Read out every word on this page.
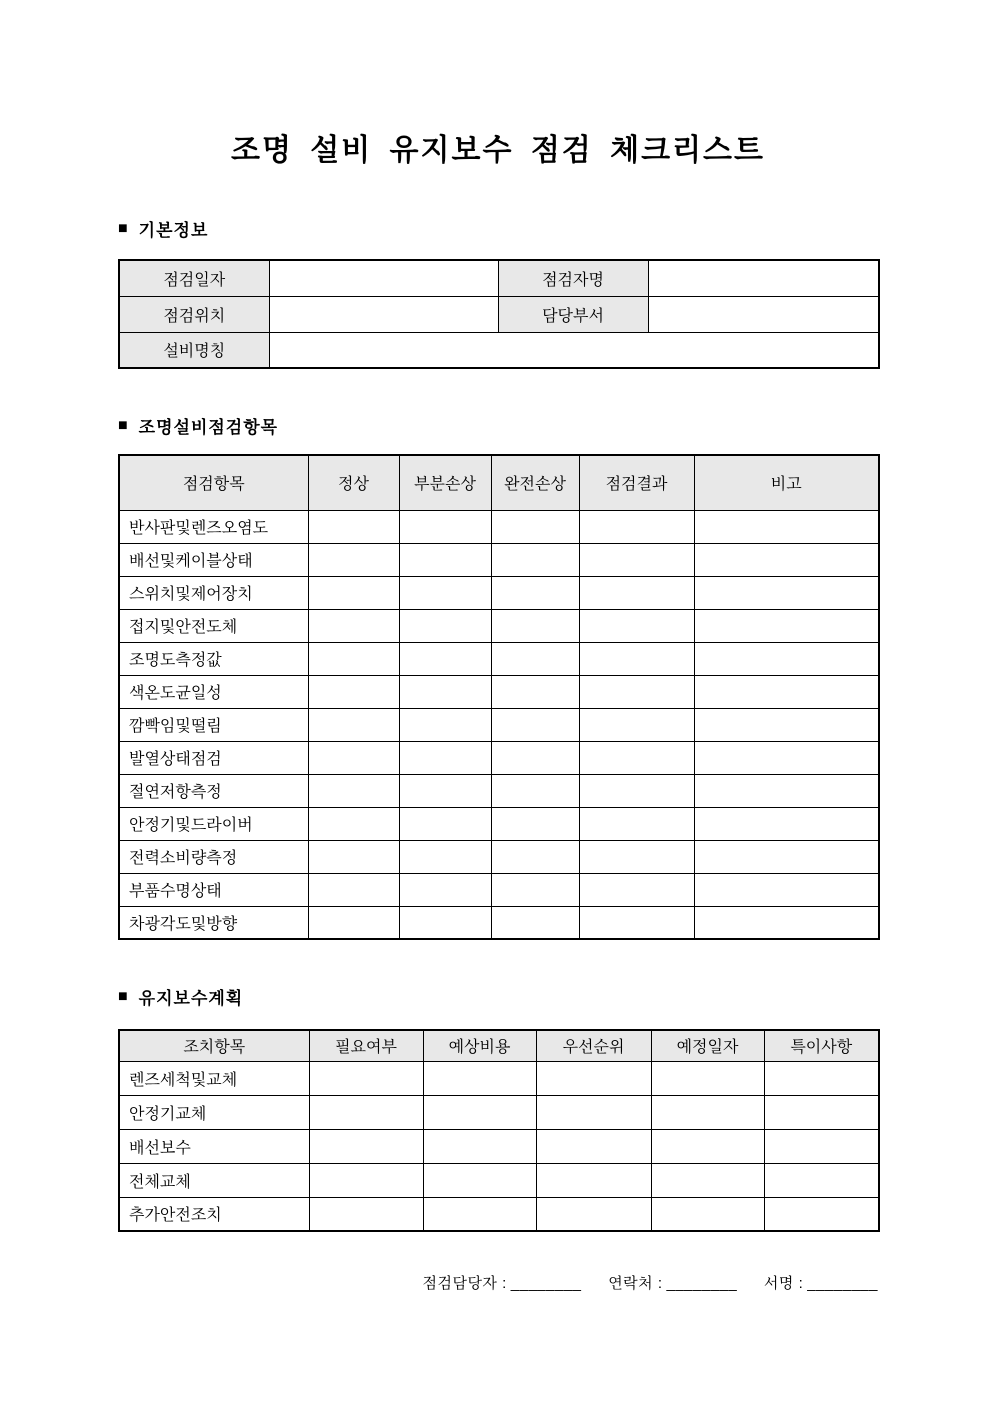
조명 설비 유지보수 점검 체크리스트
■ 기본정보
점검일자		점검자명	
점검위치		담당부서	
설비명칭			
■ 조명설비점검항목
점검항목	정상	부분손상	완전손상	점검결과	비고
반사판및렌즈오염도					
배선및케이블상태					
스위치및제어장치					
접지및안전도체					
조명도측정값					
색온도균일성					
깜빡임및떨림					
발열상태점검					
절연저항측정					
안정기및드라이버					
전력소비량측정					
부품수명상태					
차광각도및방향					
■ 유지보수계획
조치항목	필요여부	예상비용	우선순위	예정일자	특이사항
렌즈세척및교체					
안정기교체					
배선보수					
전체교체					
추가안전조치					
점검담당자 : ________ 연락처 : ________ 서명 : ________
